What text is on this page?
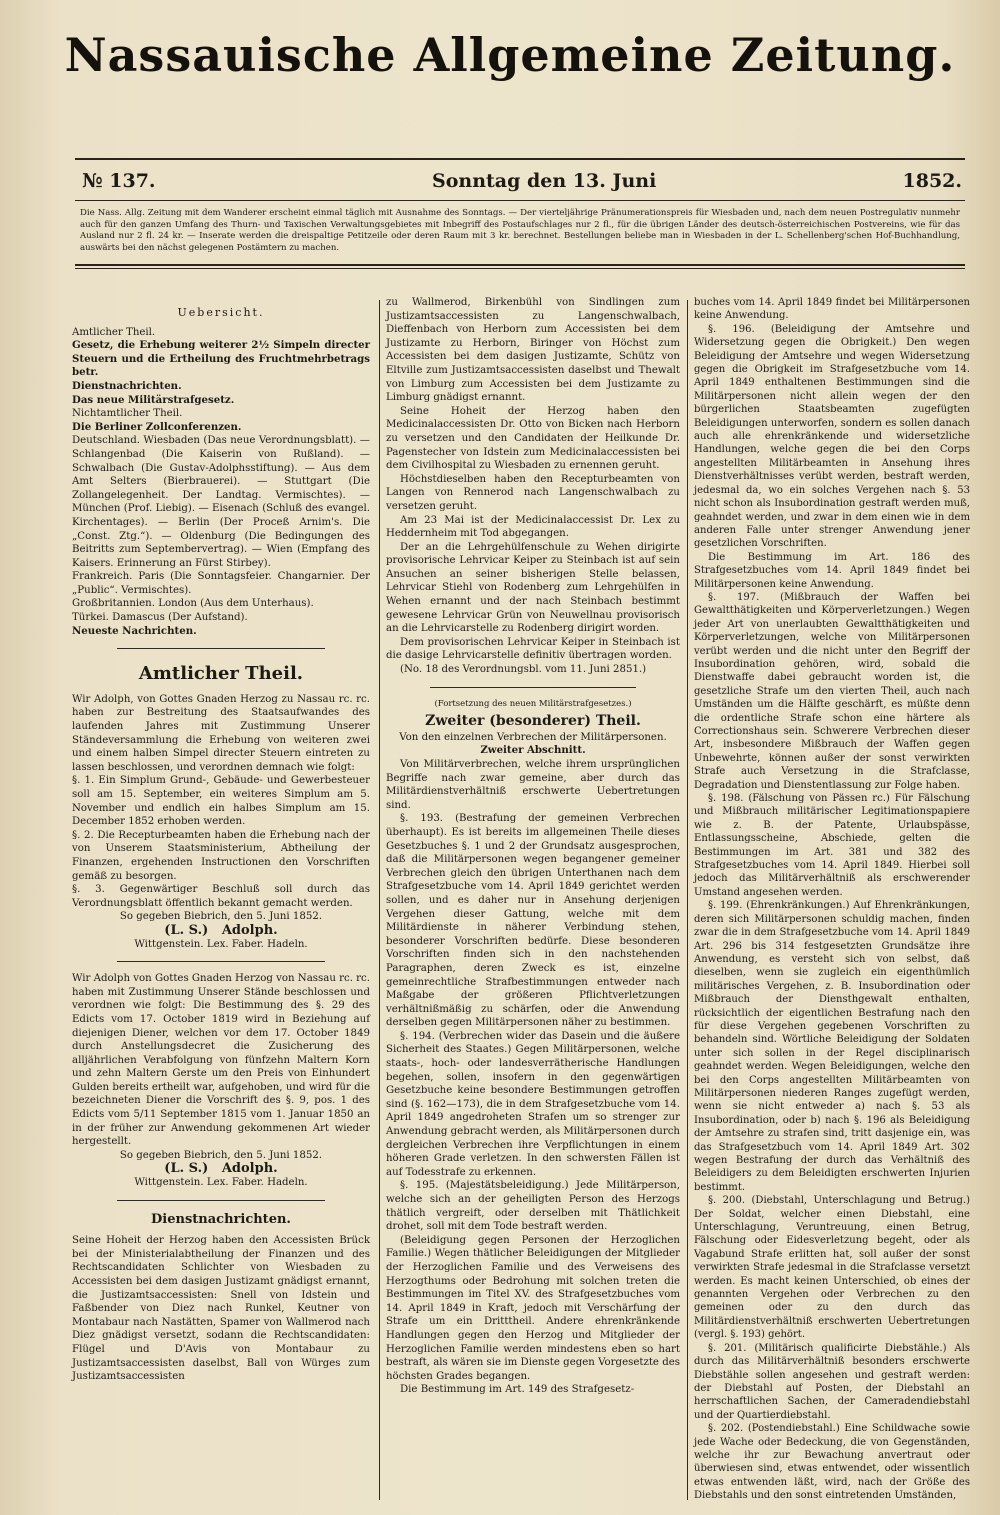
Nassauische Allgemeine Zeitung.
№ 137.	Sonntag den 13. Juni	1852.
Die Nass. Allg. Zeitung mit dem Wanderer erscheint einmal täglich mit Ausnahme des Sonntags. — Der vierteljährige Pränumerationspreis für Wiesbaden und, nach dem neuen Postregulativ nunmehr auch für den ganzen Umfang des Thurn- und Taxischen Verwaltungsgebietes mit Inbegriff des Postaufschlages nur 2 fl., für die übrigen Länder des deutsch-österreichischen Postvereins, wie für das Ausland nur 2 fl. 24 kr. — Inserate werden die dreispaltige Petitzeile oder deren Raum mit 3 kr. berechnet. Bestellungen beliebe man in Wiesbaden in der L. Schellenberg'schen Hof-Buchhandlung, auswärts bei den nächst gelegenen Postämtern zu machen.

Uebersicht.

Amtlicher Theil.

Gesetz, die Erhebung weiterer 2½ Simpeln directer Steuern und die Ertheilung des Fruchtmehrbetrags betr.

Dienstnachrichten.

Das neue Militärstrafgesetz.

Nichtamtlicher Theil.

Die Berliner Zollconferenzen.

Deutschland. Wiesbaden (Das neue Verordnungsblatt). — Schlangenbad (Die Kaiserin von Rußland). — Schwalbach (Die Gustav-Adolphsstiftung). — Aus dem Amt Selters (Bierbrauerei). — Stuttgart (Die Zollangelegenheit. Der Landtag. Vermischtes). — München (Prof. Liebig). — Eisenach (Schluß des evangel. Kirchentages). — Berlin (Der Proceß Arnim's. Die „Const. Ztg.“). — Oldenburg (Die Bedingungen des Beitritts zum Septembervertrag). — Wien (Empfang des Kaisers. Erinnerung an Fürst Stirbey).

Frankreich. Paris (Die Sonntagsfeier. Changarnier. Der „Public“. Vermischtes).

Großbritannien. London (Aus dem Unterhaus).

Türkei. Damascus (Der Aufstand).

Neueste Nachrichten.

Amtlicher Theil.

Wir Adolph, von Gottes Gnaden Herzog zu Nassau rc. rc. haben zur Bestreitung des Staatsaufwandes des laufenden Jahres mit Zustimmung Unserer Ständeversammlung die Erhebung von weiteren zwei und einem halben Simpel directer Steuern eintreten zu lassen beschlossen, und verordnen demnach wie folgt:

§. 1. Ein Simplum Grund-, Gebäude- und Gewerbesteuer soll am 15. September, ein weiteres Simplum am 5. November und endlich ein halbes Simplum am 15. December 1852 erhoben werden.

§. 2. Die Recepturbeamten haben die Erhebung nach der von Unserem Staatsministerium, Abtheilung der Finanzen, ergehenden Instructionen den Vorschriften gemäß zu besorgen.

§. 3. Gegenwärtiger Beschluß soll durch das Verordnungsblatt öffentlich bekannt gemacht werden.

So gegeben Biebrich, den 5. Juni 1852.

(L. S.) Adolph.

Wittgenstein. Lex. Faber. Hadeln.

Wir Adolph von Gottes Gnaden Herzog von Nassau rc. rc. haben mit Zustimmung Unserer Stände beschlossen und verordnen wie folgt: Die Bestimmung des §. 29 des Edicts vom 17. October 1819 wird in Beziehung auf diejenigen Diener, welchen vor dem 17. October 1849 durch Anstellungsdecret die Zusicherung des alljährlichen Verabfolgung von fünfzehn Maltern Korn und zehn Maltern Gerste um den Preis von Einhundert Gulden bereits ertheilt war, aufgehoben, und wird für die bezeichneten Diener die Vorschrift des §. 9, pos. 1 des Edicts vom 5/11 September 1815 vom 1. Januar 1850 an in der früher zur Anwendung gekommenen Art wieder hergestellt.

So gegeben Biebrich, den 5. Juni 1852.

(L. S.) Adolph.

Wittgenstein. Lex. Faber. Hadeln.

Dienstnachrichten.

Seine Hoheit der Herzog haben den Accessisten Brück bei der Ministerialabtheilung der Finanzen und des Rechtscandidaten Schlichter von Wiesbaden zu Accessisten bei dem dasigen Justizamt gnädigst ernannt, die Justizamtsaccessisten: Snell von Idstein und Faßbender von Diez nach Runkel, Keutner von Montabaur nach Nastätten, Spamer von Wallmerod nach Diez gnädigst versetzt, sodann die Rechtscandidaten: Flügel und D'Avis von Montabaur zu Justizamtsaccessisten daselbst, Ball von Würges zum Justizamtsaccessisten

zu Wallmerod, Birkenbühl von Sindlingen zum Justizamtsaccessisten zu Langenschwalbach, Dieffenbach von Herborn zum Accessisten bei dem Justizamte zu Herborn, Biringer von Höchst zum Accessisten bei dem dasigen Justizamte, Schütz von Eltville zum Justizamtsaccessisten daselbst und Thewalt von Limburg zum Accessisten bei dem Justizamte zu Limburg gnädigst ernannt.

Seine Hoheit der Herzog haben den Medicinalaccessisten Dr. Otto von Bicken nach Herborn zu versetzen und den Candidaten der Heilkunde Dr. Pagenstecher von Idstein zum Medicinalaccessisten bei dem Civilhospital zu Wiesbaden zu ernennen geruht.

Höchstdieselben haben den Recepturbeamten von Langen von Rennerod nach Langenschwalbach zu versetzen geruht.

Am 23 Mai ist der Medicinalaccessist Dr. Lex zu Heddernheim mit Tod abgegangen.

Der an die Lehrgehülfenschule zu Wehen dirigirte provisorische Lehrvicar Keiper zu Steinbach ist auf sein Ansuchen an seiner bisherigen Stelle belassen, Lehrvicar Stiehl von Rodenberg zum Lehrgehülfen in Wehen ernannt und der nach Steinbach bestimmt gewesene Lehrvicar Grün von Neuwellnau provisorisch an die Lehrvicarstelle zu Rodenberg dirigirt worden.

Dem provisorischen Lehrvicar Keiper in Steinbach ist die dasige Lehrvicarstelle definitiv übertragen worden.

(No. 18 des Verordnungsbl. vom 11. Juni 2851.)

(Fortsetzung des neuen Militärstrafgesetzes.)
Zweiter (besonderer) Theil.

Von den einzelnen Verbrechen der Militärpersonen.

Zweiter Abschnitt.

Von Militärverbrechen, welche ihrem ursprünglichen Begriffe nach zwar gemeine, aber durch das Militärdienstverhältniß erschwerte Uebertretungen sind.

§. 193. (Bestrafung der gemeinen Verbrechen überhaupt). Es ist bereits im allgemeinen Theile dieses Gesetzbuches §. 1 und 2 der Grundsatz ausgesprochen, daß die Militärpersonen wegen begangener gemeiner Verbrechen gleich den übrigen Unterthanen nach dem Strafgesetzbuche vom 14. April 1849 gerichtet werden sollen, und es daher nur in Ansehung derjenigen Vergehen dieser Gattung, welche mit dem Militärdienste in näherer Verbindung stehen, besonderer Vorschriften bedürfe. Diese besonderen Vorschriften finden sich in den nachstehenden Paragraphen, deren Zweck es ist, einzelne gemeinrechtliche Strafbestimmungen entweder nach Maßgabe der größeren Pflichtverletzungen verhältnißmäßig zu schärfen, oder die Anwendung derselben gegen Militärpersonen näher zu bestimmen.

§. 194. (Verbrechen wider das Dasein und die äußere Sicherheit des Staates.) Gegen Militärpersonen, welche staats-, hoch- oder landesverrätherische Handlungen begehen, sollen, insofern in den gegenwärtigen Gesetzbuche keine besondere Bestimmungen getroffen sind (§. 162—173), die in dem Strafgesetzbuche vom 14. April 1849 angedroheten Strafen um so strenger zur Anwendung gebracht werden, als Militärpersonen durch dergleichen Verbrechen ihre Verpflichtungen in einem höheren Grade verletzen. In den schwersten Fällen ist auf Todesstrafe zu erkennen.

§. 195. (Majestätsbeleidigung.) Jede Militärperson, welche sich an der geheiligten Person des Herzogs thätlich vergreift, oder derselben mit Thätlichkeit drohet, soll mit dem Tode bestraft werden.

(Beleidigung gegen Personen der Herzoglichen Familie.) Wegen thätlicher Beleidigungen der Mitglieder der Herzoglichen Familie und des Verweisens des Herzogthums oder Bedrohung mit solchen treten die Bestimmungen im Titel XV. des Strafgesetzbuches vom 14. April 1849 in Kraft, jedoch mit Verschärfung der Strafe um ein Dritttheil. Andere ehrenkränkende Handlungen gegen den Herzog und Mitglieder der Herzoglichen Familie werden mindestens eben so hart bestraft, als wären sie im Dienste gegen Vorgesetzte des höchsten Grades begangen.

Die Bestimmung im Art. 149 des Strafgesetz-

buches vom 14. April 1849 findet bei Militärpersonen keine Anwendung.

§. 196. (Beleidigung der Amtsehre und Widersetzung gegen die Obrigkeit.) Den wegen Beleidigung der Amtsehre und wegen Widersetzung gegen die Obrigkeit im Strafgesetzbuche vom 14. April 1849 enthaltenen Bestimmungen sind die Militärpersonen nicht allein wegen der den bürgerlichen Staatsbeamten zugefügten Beleidigungen unterworfen, sondern es sollen danach auch alle ehrenkränkende und widersetzliche Handlungen, welche gegen die bei den Corps angestellten Militärbeamten in Ansehung ihres Dienstverhältnisses verübt werden, bestraft werden, jedesmal da, wo ein solches Vergehen nach §. 53 nicht schon als Insubordination gestraft werden muß, geahndet werden, und zwar in dem einen wie in dem anderen Falle unter strenger Anwendung jener gesetzlichen Vorschriften.

Die Bestimmung im Art. 186 des Strafgesetzbuches vom 14. April 1849 findet bei Militärpersonen keine Anwendung.

§. 197. (Mißbrauch der Waffen bei Gewaltthätigkeiten und Körperverletzungen.) Wegen jeder Art von unerlaubten Gewaltthätigkeiten und Körperverletzungen, welche von Militärpersonen verübt werden und die nicht unter den Begriff der Insubordination gehören, wird, sobald die Dienstwaffe dabei gebraucht worden ist, die gesetzliche Strafe um den vierten Theil, auch nach Umständen um die Hälfte geschärft, es müßte denn die ordentliche Strafe schon eine härtere als Correctionshaus sein. Schwerere Verbrechen dieser Art, insbesondere Mißbrauch der Waffen gegen Unbewehrte, können außer der sonst verwirkten Strafe auch Versetzung in die Strafclasse, Degradation und Dienstentlassung zur Folge haben.

§. 198. (Fälschung von Pässen rc.) Für Fälschung und Mißbrauch militärischer Legitimationspapiere wie z. B. der Patente, Urlaubspässe, Entlassungsscheine, Abschiede, gelten die Bestimmungen im Art. 381 und 382 des Strafgesetzbuches vom 14. April 1849. Hierbei soll jedoch das Militärverhältniß als erschwerender Umstand angesehen werden.

§. 199. (Ehrenkränkungen.) Auf Ehrenkränkungen, deren sich Militärpersonen schuldig machen, finden zwar die in dem Strafgesetzbuche vom 14. April 1849 Art. 296 bis 314 festgesetzten Grundsätze ihre Anwendung, es versteht sich von selbst, daß dieselben, wenn sie zugleich ein eigenthümlich militärisches Vergehen, z. B. Insubordination oder Mißbrauch der Diensthgewalt enthalten, rücksichtlich der eigentlichen Bestrafung nach den für diese Vergehen gegebenen Vorschriften zu behandeln sind. Wörtliche Beleidigung der Soldaten unter sich sollen in der Regel disciplinarisch geahndet werden. Wegen Beleidigungen, welche den bei den Corps angestellten Militärbeamten von Militärpersonen niederen Ranges zugefügt werden, wenn sie nicht entweder a) nach §. 53 als Insubordination, oder b) nach §. 196 als Beleidigung der Amtsehre zu strafen sind, tritt dasjenige ein, was das Strafgesetzbuch vom 14. April 1849 Art. 302 wegen Bestrafung der durch das Verhältniß des Beleidigers zu dem Beleidigten erschwerten Injurien bestimmt.

§. 200. (Diebstahl, Unterschlagung und Betrug.) Der Soldat, welcher einen Diebstahl, eine Unterschlagung, Veruntreuung, einen Betrug, Fälschung oder Eidesverletzung begeht, oder als Vagabund Strafe erlitten hat, soll außer der sonst verwirkten Strafe jedesmal in die Strafclasse versetzt werden. Es macht keinen Unterschied, ob eines der genannten Vergehen oder Verbrechen zu den gemeinen oder zu den durch das Militärdienstverhältniß erschwerten Uebertretungen (vergl. §. 193) gehört.

§. 201. (Militärisch qualificirte Diebstähle.) Als durch das Militärverhältniß besonders erschwerte Diebstähle sollen angesehen und gestraft werden: der Diebstahl auf Posten, der Diebstahl an herrschaftlichen Sachen, der Cameradendiebstahl und der Quartierdiebstahl.

§. 202. (Postendiebstahl.) Eine Schildwache sowie jede Wache oder Bedeckung, die von Gegenständen, welche ihr zur Bewachung anvertraut oder überwiesen sind, etwas entwendet, oder wissentlich etwas entwenden läßt, wird, nach der Größe des Diebstahls und den sonst eintretenden Umständen,
